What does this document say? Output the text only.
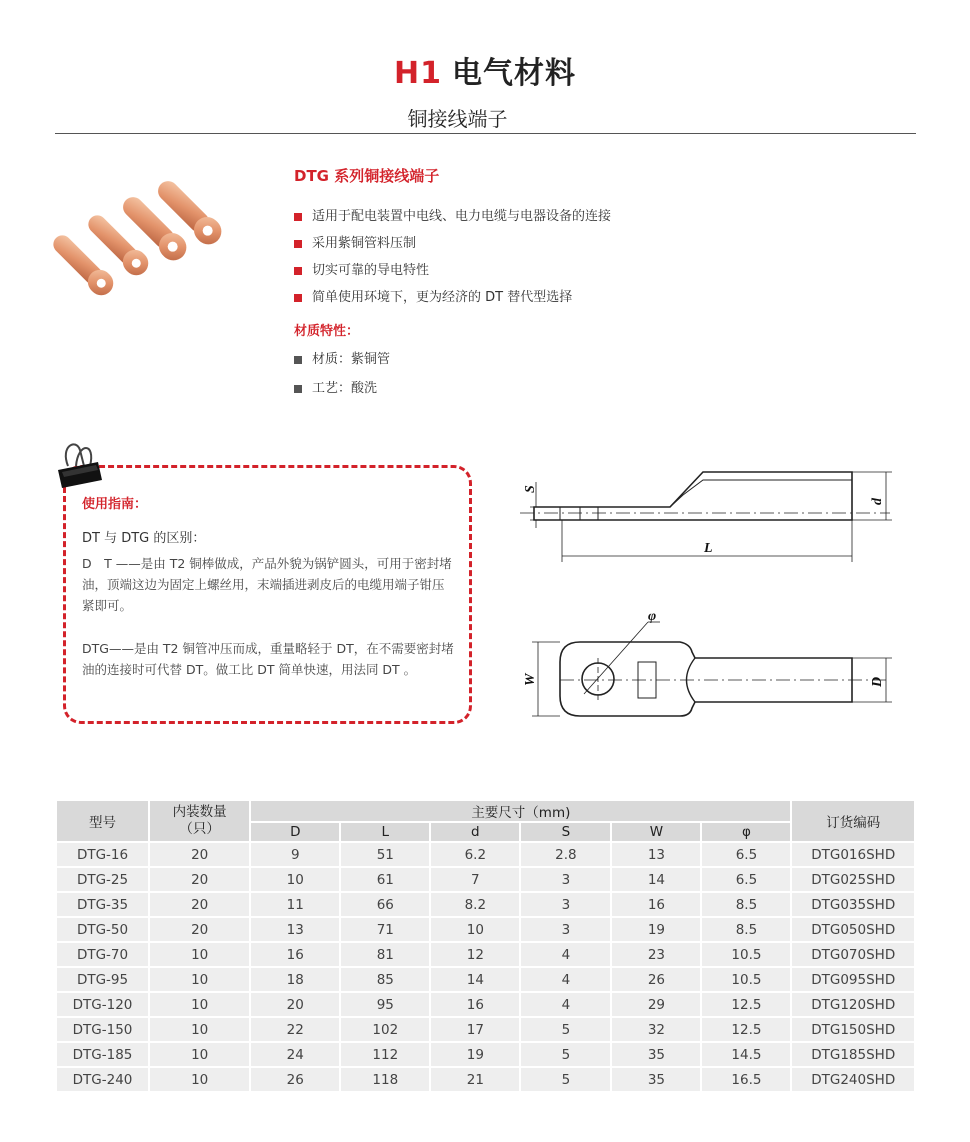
H1 电气材料
铜接线端子
DTG 系列铜接线端子
适用于配电装置中电线、电力电缆与电器设备的连接
采用紫铜管料压制
切实可靠的导电特性
简单使用环境下，更为经济的 DT 替代型选择
材质特性：
材质：紫铜管
工艺：酸洗
使用指南：
DT 与 DTG 的区别：

D　T ——是由 T2 铜棒做成，产品外貌为锅铲圆头，可用于密封堵油，顶端这边为固定上螺丝用，末端插进剥皮后的电缆用端子钳压紧即可。

DTG——是由 T2 铜管冲压而成，重量略轻于 DT，在不需要密封堵油的连接时可代替 DT。做工比 DT 简单快速，用法同 DT 。

S
d
L
φ
W	D
型号	内装数量（只）	主要尺寸（mm)						订货编码
		D	L	d	S	W	φ	
DTG-16	20	9	51	6.2	2.8	13	6.5	DTG016SHD
DTG-25	20	10	61	7	3	14	6.5	DTG025SHD
DTG-35	20	11	66	8.2	3	16	8.5	DTG035SHD
DTG-50	20	13	71	10	3	19	8.5	DTG050SHD
DTG-70	10	16	81	12	4	23	10.5	DTG070SHD
DTG-95	10	18	85	14	4	26	10.5	DTG095SHD
DTG-120	10	20	95	16	4	29	12.5	DTG120SHD
DTG-150	10	22	102	17	5	32	12.5	DTG150SHD
DTG-185	10	24	112	19	5	35	14.5	DTG185SHD
DTG-240	10	26	118	21	5	35	16.5	DTG240SHD
